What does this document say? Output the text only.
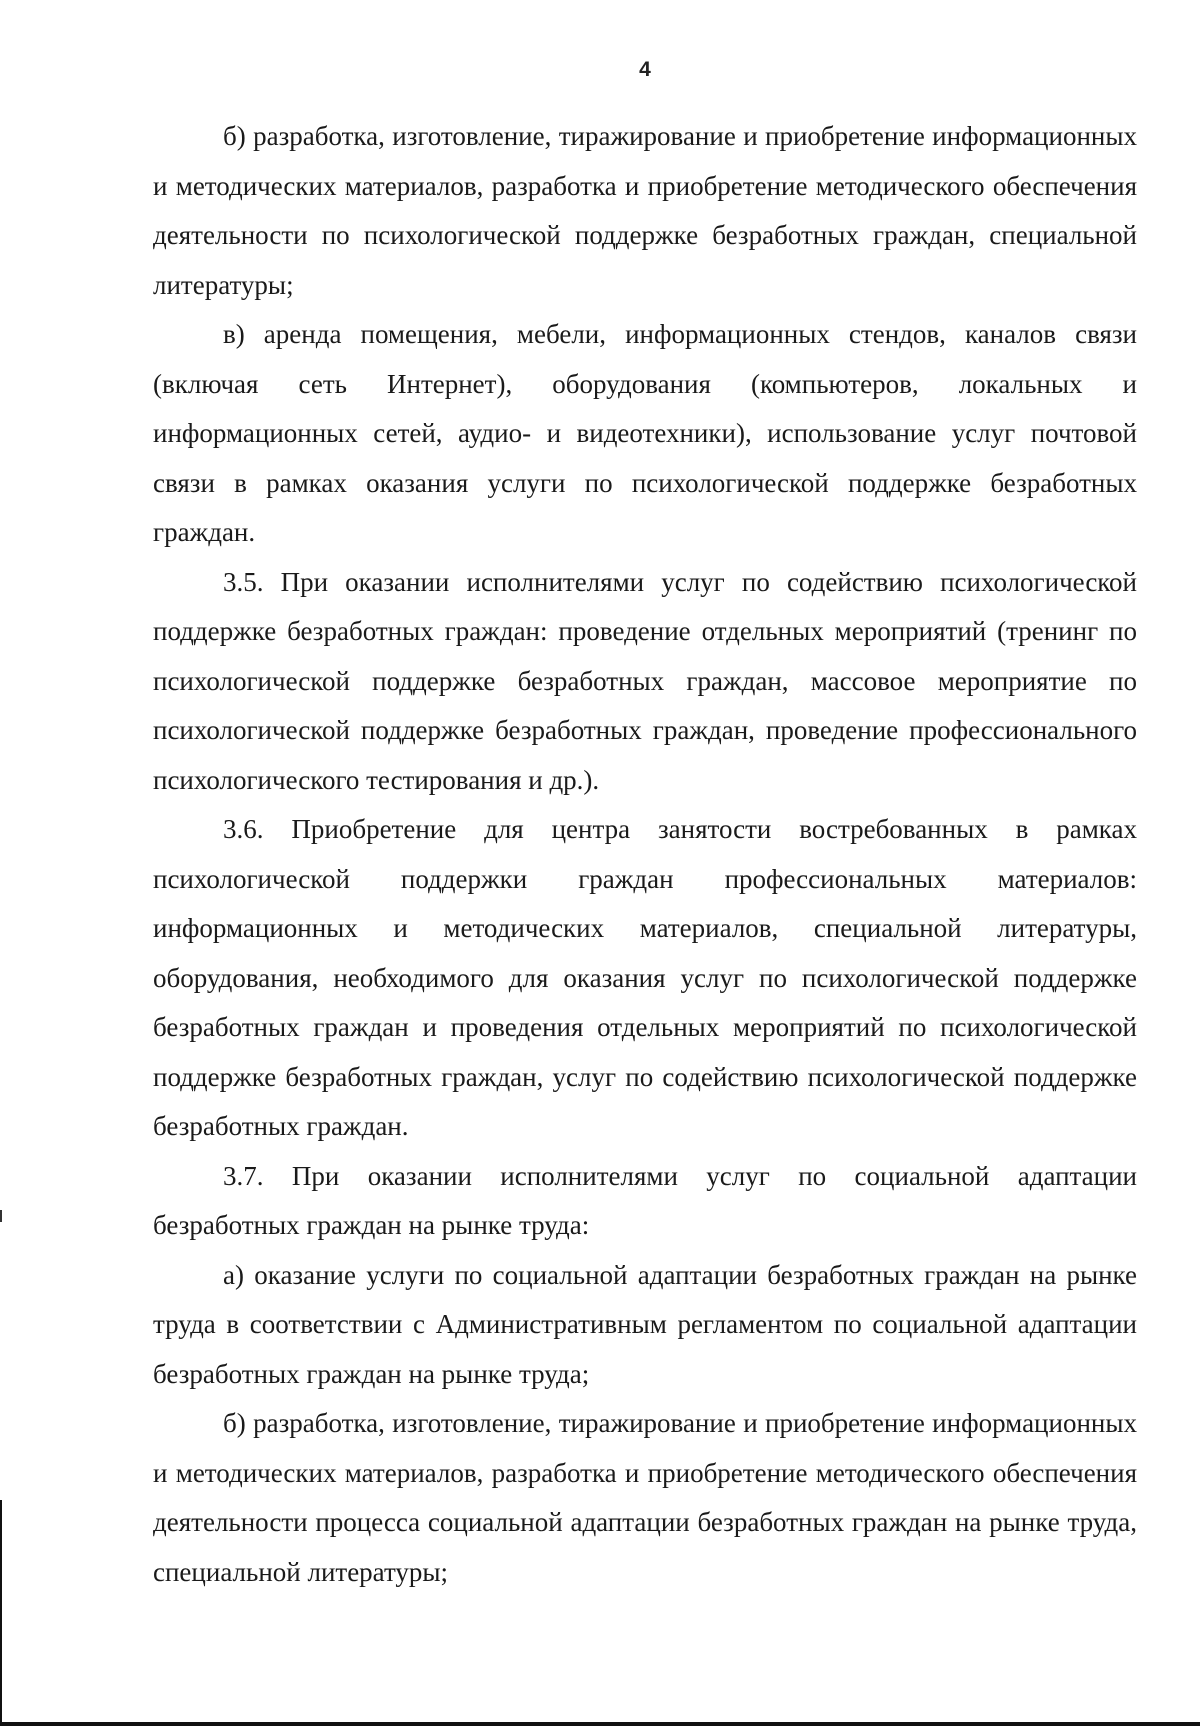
4

б) разработка, изготовление, тиражирование и приобретение информационных и методических материалов, разработка и приобретение методического обеспечения деятельности по психологической поддержке безработных граждан, специальной литературы;

в) аренда помещения, мебели, информационных стендов, каналов связи (включая сеть Интернет), оборудования (компьютеров, локальных и информационных сетей, аудио- и видеотехники), использование услуг почтовой связи в рамках оказания услуги по психологической поддержке безработных граждан.

3.5. При оказании исполнителями услуг по содействию психологической поддержке безработных граждан: проведение отдельных мероприятий (тренинг по психологической поддержке безработных граждан, массовое мероприятие по психологической поддержке безработных граждан, проведение профессионального психологического тестирования и др.).

3.6. Приобретение для центра занятости востребованных в рамках психологической поддержки граждан профессиональных материалов: информационных и методических материалов, специальной литературы, оборудования, необходимого для оказания услуг по психологической поддержке безработных граждан и проведения отдельных мероприятий по психологической поддержке безработных граждан, услуг по содействию психологической поддержке безработных граждан.

3.7. При оказании исполнителями услуг по социальной адаптации безработных граждан на рынке труда:

а) оказание услуги по социальной адаптации безработных граждан на рынке труда в соответствии с Административным регламентом по социальной адаптации безработных граждан на рынке труда;

б) разработка, изготовление, тиражирование и приобретение информационных и методических материалов, разработка и приобретение методического обеспечения деятельности процесса социальной адаптации безработных граждан на рынке труда, специальной литературы;
